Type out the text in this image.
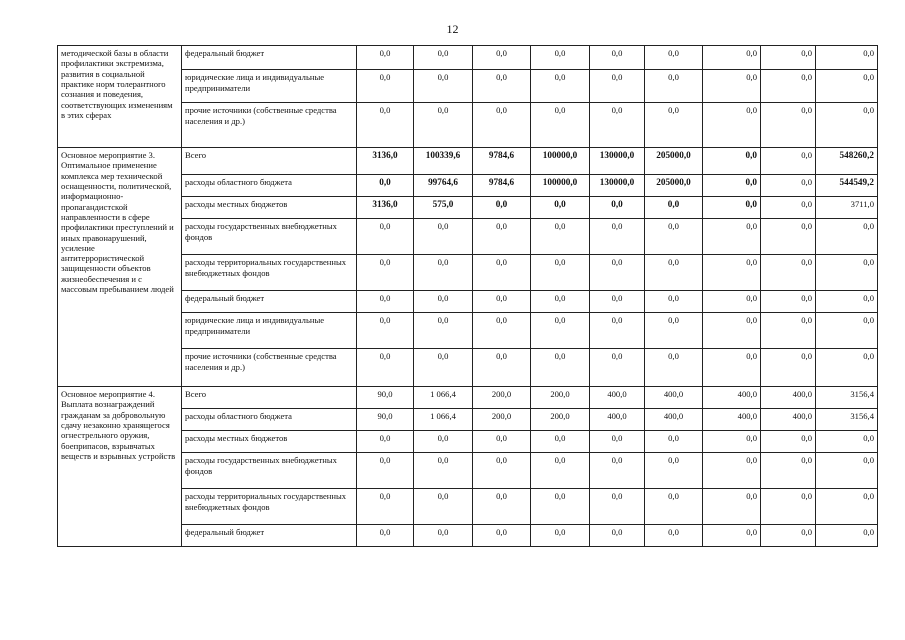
12
методической базы в области профилактики экстремизма, развития в социальной практике норм толерантного сознания и поведения, соответствующих изменениям в этих сферах	федеральный бюджет	0,0	0,0	0,0	0,0	0,0	0,0	0,0	0,0	0,0
	юридические лица и индивидуальные предприниматели	0,0	0,0	0,0	0,0	0,0	0,0	0,0	0,0	0,0
	прочие источники (собственные средства населения и др.)	0,0	0,0	0,0	0,0	0,0	0,0	0,0	0,0	0,0
Основное мероприятие 3. Оптимальное применение комплекса мер технической оснащенности, политической, информационно-пропагандистской направленности в сфере профилактики преступлений и иных правонарушений, усиление антитеррористической защищенности объектов жизнеобеспечения и с массовым пребыванием людей	Всего	3136,0	100339,6	9784,6	100000,0	130000,0	205000,0	0,0	0,0	548260,2
	расходы областного бюджета	0,0	99764,6	9784,6	100000,0	130000,0	205000,0	0,0	0,0	544549,2
	расходы местных бюджетов	3136,0	575,0	0,0	0,0	0,0	0,0	0,0	0,0	3711,0
	расходы государственных внебюджетных фондов	0,0	0,0	0,0	0,0	0,0	0,0	0,0	0,0	0,0
	расходы территориальных государственных внебюджетных фондов	0,0	0,0	0,0	0,0	0,0	0,0	0,0	0,0	0,0
	федеральный бюджет	0,0	0,0	0,0	0,0	0,0	0,0	0,0	0,0	0,0
	юридические лица и индивидуальные предприниматели	0,0	0,0	0,0	0,0	0,0	0,0	0,0	0,0	0,0
	прочие источники (собственные средства населения и др.)	0,0	0,0	0,0	0,0	0,0	0,0	0,0	0,0	0,0
Основное мероприятие 4. Выплата вознаграждений гражданам за добровольную сдачу незаконно хранящегося огнестрельного оружия, боеприпасов, взрывчатых веществ и взрывных устройств	Всего	90,0	1 066,4	200,0	200,0	400,0	400,0	400,0	400,0	3156,4
	расходы областного бюджета	90,0	1 066,4	200,0	200,0	400,0	400,0	400,0	400,0	3156,4
	расходы местных бюджетов	0,0	0,0	0,0	0,0	0,0	0,0	0,0	0,0	0,0
	расходы государственных внебюджетных фондов	0,0	0,0	0,0	0,0	0,0	0,0	0,0	0,0	0,0
	расходы территориальных государственных внебюджетных фондов	0,0	0,0	0,0	0,0	0,0	0,0	0,0	0,0	0,0
	федеральный бюджет	0,0	0,0	0,0	0,0	0,0	0,0	0,0	0,0	0,0
